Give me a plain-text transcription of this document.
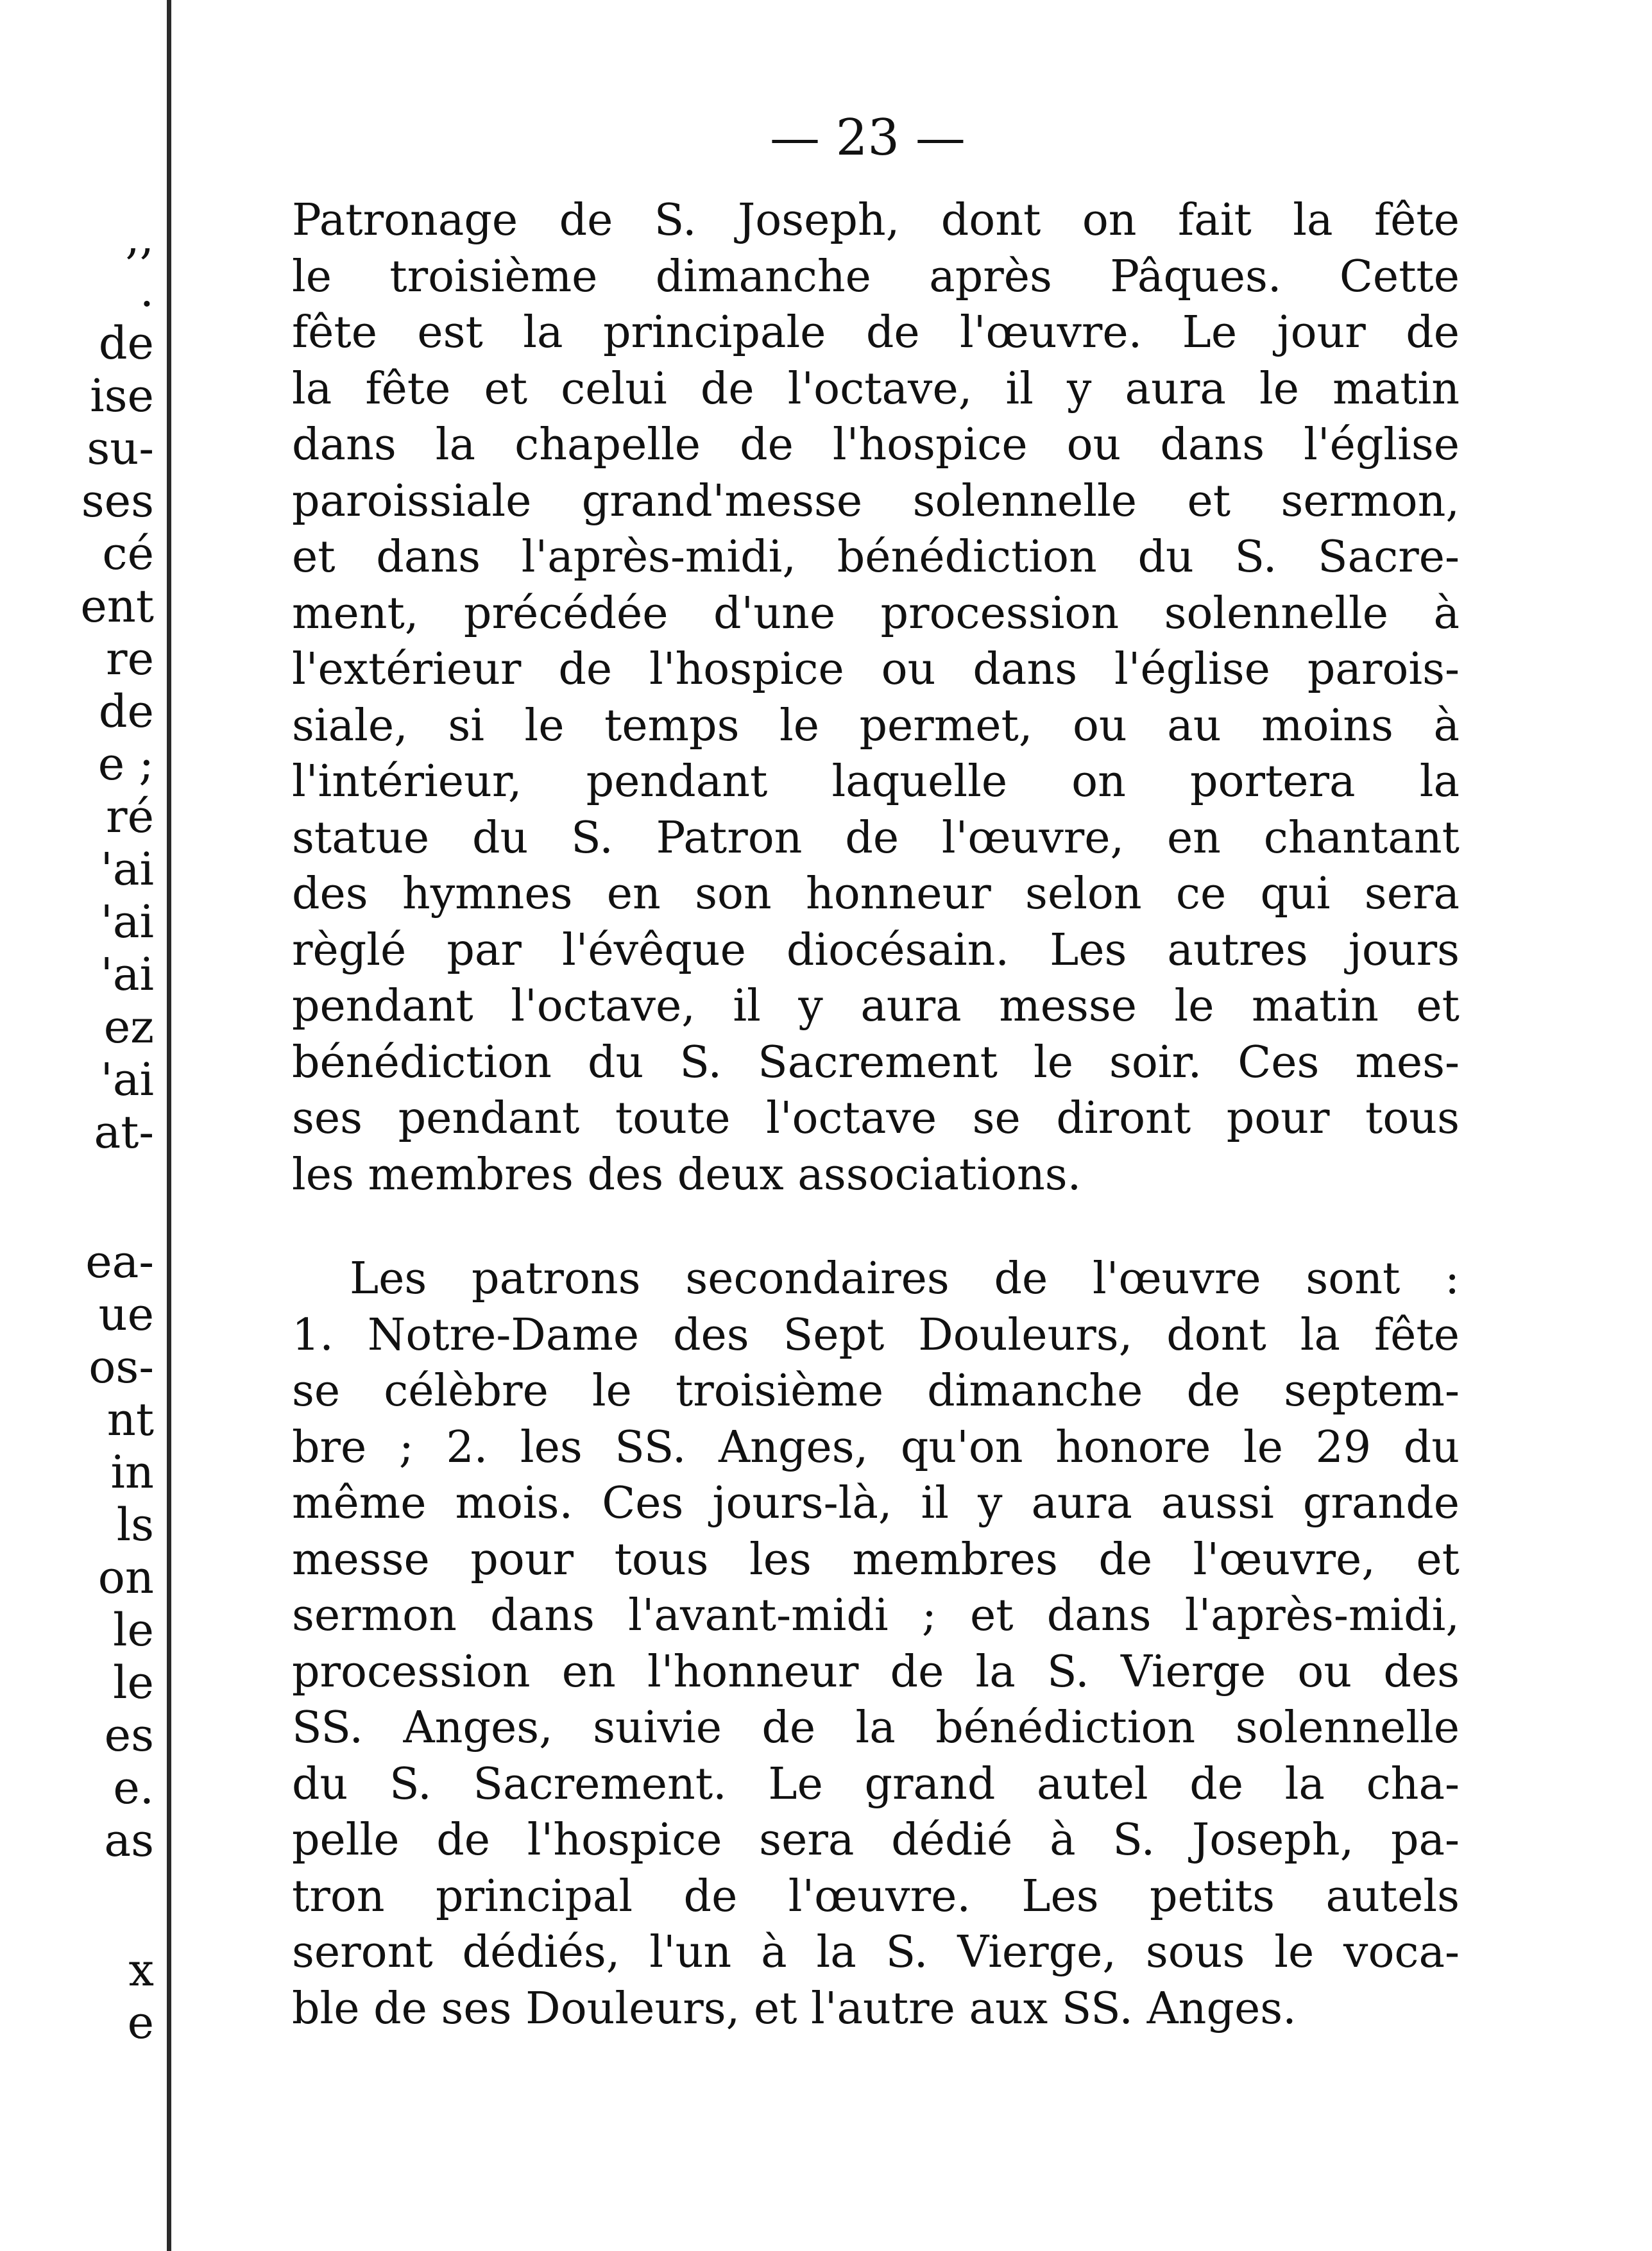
,,
.
de
ise
su-
ses
cé
ent
re
de
e ;
ré
'ai
'ai
'ai
ez
'ai
at-
ea-
ue
os-
nt
in
ls
on
le
le
es
e.
as
x
e
— 23 —
Patronage de S. Joseph, dont on fait la fête
le troisième dimanche après Pâques. Cette
fête est la principale de l'œuvre. Le jour de
la fête et celui de l'octave, il y aura le matin
dans la chapelle de l'hospice ou dans l'église
paroissiale grand'messe solennelle et sermon,
et dans l'après-midi, bénédiction du S. Sacre-
ment, précédée d'une procession solennelle à
l'extérieur de l'hospice ou dans l'église parois-
siale, si le temps le permet, ou au moins à
l'intérieur, pendant laquelle on portera la
statue du S. Patron de l'œuvre, en chantant
des hymnes en son honneur selon ce qui sera
règlé par l'évêque diocésain. Les autres jours
pendant l'octave, il y aura messe le matin et
bénédiction du S. Sacrement le soir. Ces mes-
ses pendant toute l'octave se diront pour tous
les membres des deux associations.
Les patrons secondaires de l'œuvre sont :
1. Notre-Dame des Sept Douleurs, dont la fête
se célèbre le troisième dimanche de septem-
bre ; 2. les SS. Anges, qu'on honore le 29 du
même mois. Ces jours-là, il y aura aussi grande
messe pour tous les membres de l'œuvre, et
sermon dans l'avant-midi ; et dans l'après-midi,
procession en l'honneur de la S. Vierge ou des
SS. Anges, suivie de la bénédiction solennelle
du S. Sacrement. Le grand autel de la cha-
pelle de l'hospice sera dédié à S. Joseph, pa-
tron principal de l'œuvre. Les petits autels
seront dédiés, l'un à la S. Vierge, sous le voca-
ble de ses Douleurs, et l'autre aux SS. Anges.
